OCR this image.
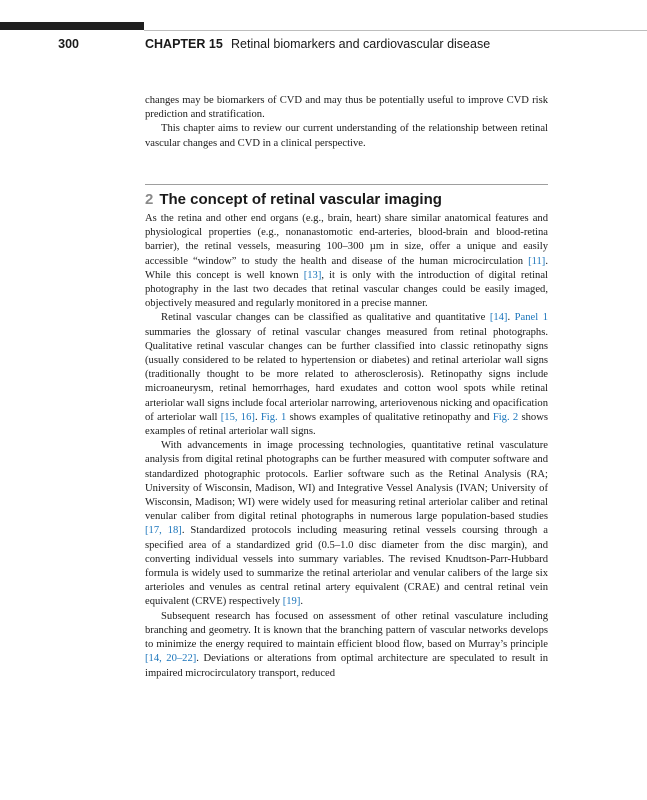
300	CHAPTER 15 Retinal biomarkers and cardiovascular disease

changes may be biomarkers of CVD and may thus be potentially useful to improve CVD risk prediction and stratification.

This chapter aims to review our current understanding of the relationship between retinal vascular changes and CVD in a clinical perspective.

2 The concept of retinal vascular imaging

As the retina and other end organs (e.g., brain, heart) share similar anatomical features and physiological properties (e.g., nonanastomotic end-arteries, blood-brain and blood-retina barrier), the retinal vessels, measuring 100–300 µm in size, offer a unique and easily accessible “window” to study the health and disease of the human microcirculation [11]. While this concept is well known [13], it is only with the introduction of digital retinal photography in the last two decades that retinal vascular changes could be easily imaged, objectively measured and regularly monitored in a precise manner.

Retinal vascular changes can be classified as qualitative and quantitative [14]. Panel 1 summaries the glossary of retinal vascular changes measured from retinal photographs. Qualitative retinal vascular changes can be further classified into classic retinopathy signs (usually considered to be related to hypertension or diabetes) and retinal arteriolar wall signs (traditionally thought to be more related to atherosclerosis). Retinopathy signs include microaneurysm, retinal hemorrhages, hard exudates and cotton wool spots while retinal arteriolar wall signs include focal arteriolar narrowing, arteriovenous nicking and opacification of arteriolar wall [15, 16]. Fig. 1 shows examples of qualitative retinopathy and Fig. 2 shows examples of retinal arteriolar wall signs.

With advancements in image processing technologies, quantitative retinal vasculature analysis from digital retinal photographs can be further measured with computer software and standardized photographic protocols. Earlier software such as the Retinal Analysis (RA; University of Wisconsin, Madison, WI) and Integrative Vessel Analysis (IVAN; University of Wisconsin, Madison; WI) were widely used for measuring retinal arteriolar caliber and retinal venular caliber from digital retinal photographs in numerous large population-based studies [17, 18]. Standardized protocols including measuring retinal vessels coursing through a specified area of a standardized grid (0.5–1.0 disc diameter from the disc margin), and converting individual vessels into summary variables. The revised Knudtson-Parr-Hubbard formula is widely used to summarize the retinal arteriolar and venular calibers of the large six arterioles and venules as central retinal artery equivalent (CRAE) and central retinal vein equivalent (CRVE) respectively [19].

Subsequent research has focused on assessment of other retinal vasculature including branching and geometry. It is known that the branching pattern of vascular networks develops to minimize the energy required to maintain efficient blood flow, based on Murray’s principle [14, 20–22]. Deviations or alterations from optimal architecture are speculated to result in impaired microcirculatory transport, reduced
